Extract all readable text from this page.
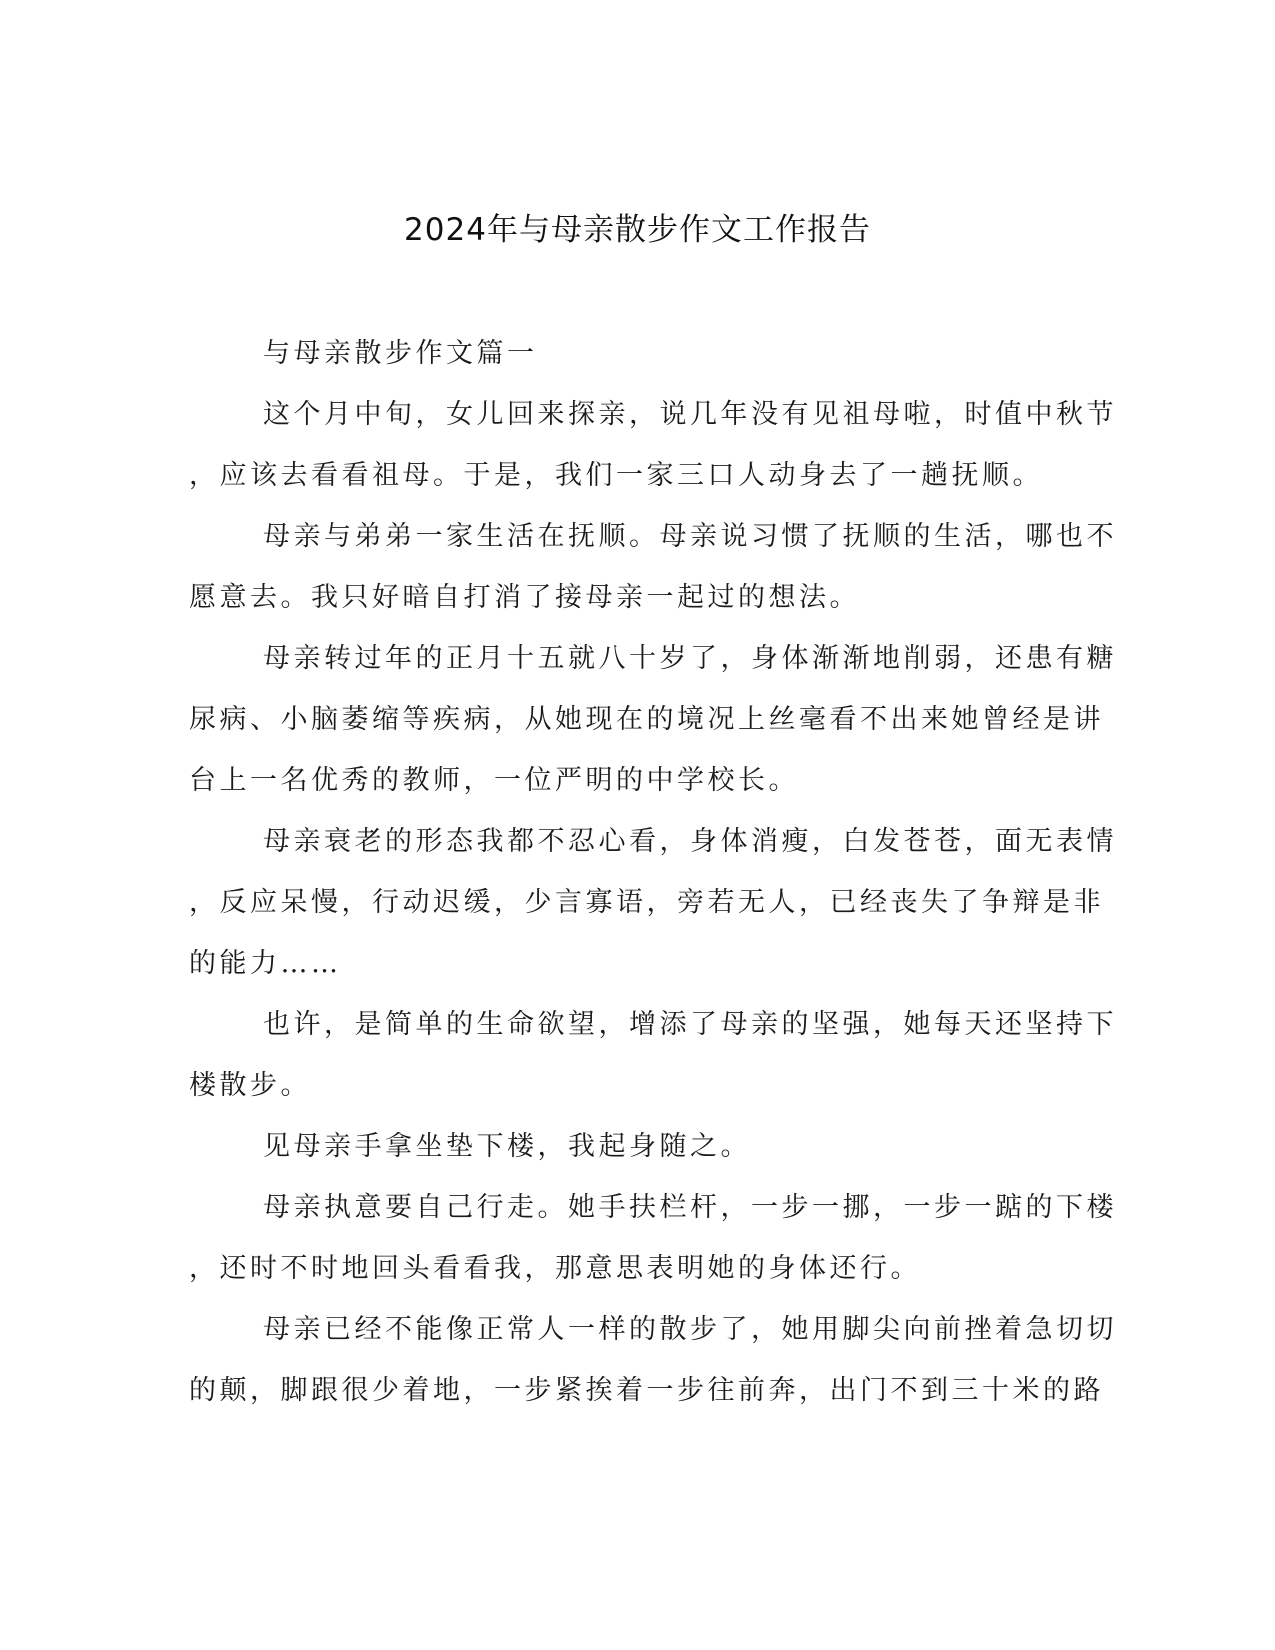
2024年与母亲散步作文工作报告
与母亲散步作文篇一
这个月中旬，女儿回来探亲，说几年没有见祖母啦，时值中秋节
，应该去看看祖母。于是，我们一家三口人动身去了一趟抚顺。
母亲与弟弟一家生活在抚顺。母亲说习惯了抚顺的生活，哪也不
愿意去。我只好暗自打消了接母亲一起过的想法。
母亲转过年的正月十五就八十岁了，身体渐渐地削弱，还患有糖
尿病、小脑萎缩等疾病，从她现在的境况上丝毫看不出来她曾经是讲
台上一名优秀的教师，一位严明的中学校长。
母亲衰老的形态我都不忍心看，身体消瘦，白发苍苍，面无表情
，反应呆慢，行动迟缓，少言寡语，旁若无人，已经丧失了争辩是非
的能力……
也许，是简单的生命欲望，增添了母亲的坚强，她每天还坚持下
楼散步。
见母亲手拿坐垫下楼，我起身随之。
母亲执意要自己行走。她手扶栏杆，一步一挪，一步一踮的下楼
，还时不时地回头看看我，那意思表明她的身体还行。
母亲已经不能像正常人一样的散步了，她用脚尖向前挫着急切切
的颠，脚跟很少着地，一步紧挨着一步往前奔，出门不到三十米的路
